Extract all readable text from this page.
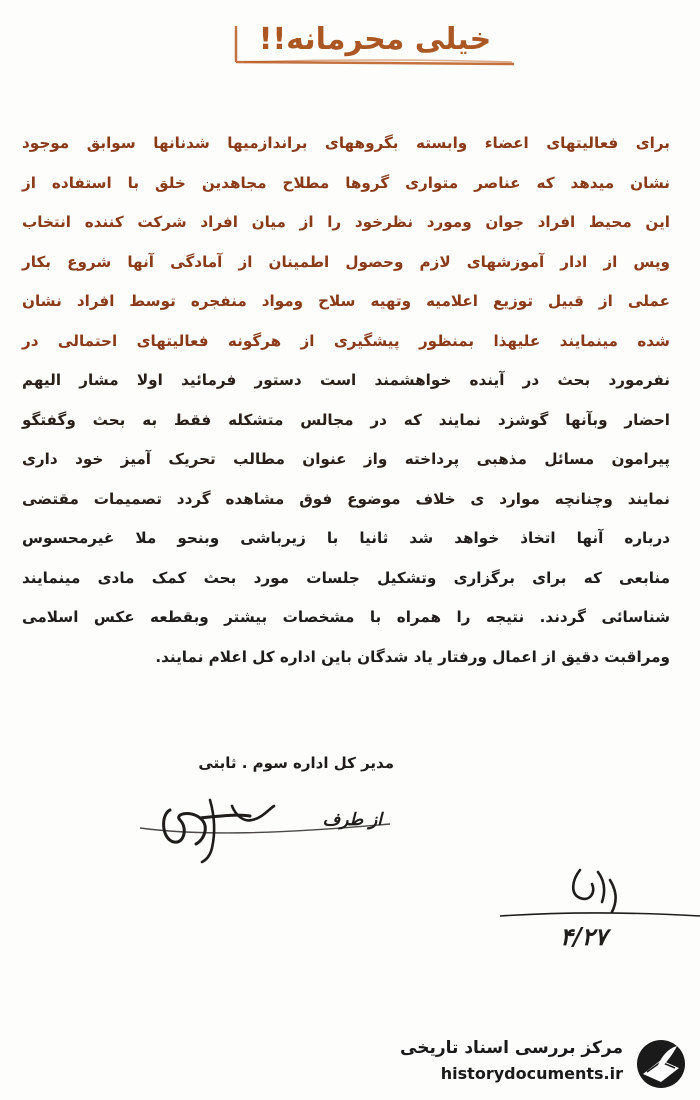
خیلی محرمانه!!
برای فعالیتهای اعضاء وابسته بگروههای براندازمیها شدنانها سوابق موجود
نشان میدهد که عناصر متواری گروها مطلاح مجاهدین خلق با استفاده از
این محیط افراد جوان ومورد نظرخود را از میان افراد شرکت کننده انتخاب
وپس از ادار آموزشهای لازم وحصول اطمینان از آمادگی آنها شروع بکار
عملی از قبیل توزیع اعلامیه وتهیه سلاح ومواد منفجره توسط افراد نشان
شده مینمایند علیهذا بمنظور پیشگیری از هرگونه فعالیتهای احتمالی در
نفرمورد بحث در آینده خواهشمند است دستور فرمائید اولا مشار الیهم
احضار وبآنها گوشزد نمایند که در مجالس متشکله فقط به بحث وگفتگو
پیرامون مسائل مذهبی پرداخته واز عنوان مطالب تحریک آمیز خود داری
نمایند وچنانچه موارد ی خلاف موضوع فوق مشاهده گردد تصمیمات مقتضی
درباره آنها اتخاذ خواهد شد ثانیا با زیرباشی وبنحو ملا غیرمحسوس
منابعی که برای برگزاری وتشکیل جلسات مورد بحث کمک مادی مینمایند
شناسائی گردند. نتیجه را همراه با مشخصات بیشتر وبقطعه عکس اسلامی
ومراقبت دقیق از اعمال ورفتار یاد شدگان باین اداره کل اعلام نمایند.
مدیر کل اداره سوم . ثابتی
از طرف
۴/۲۷
مرکز بررسی اسناد تاریخی
historydocuments.ir
